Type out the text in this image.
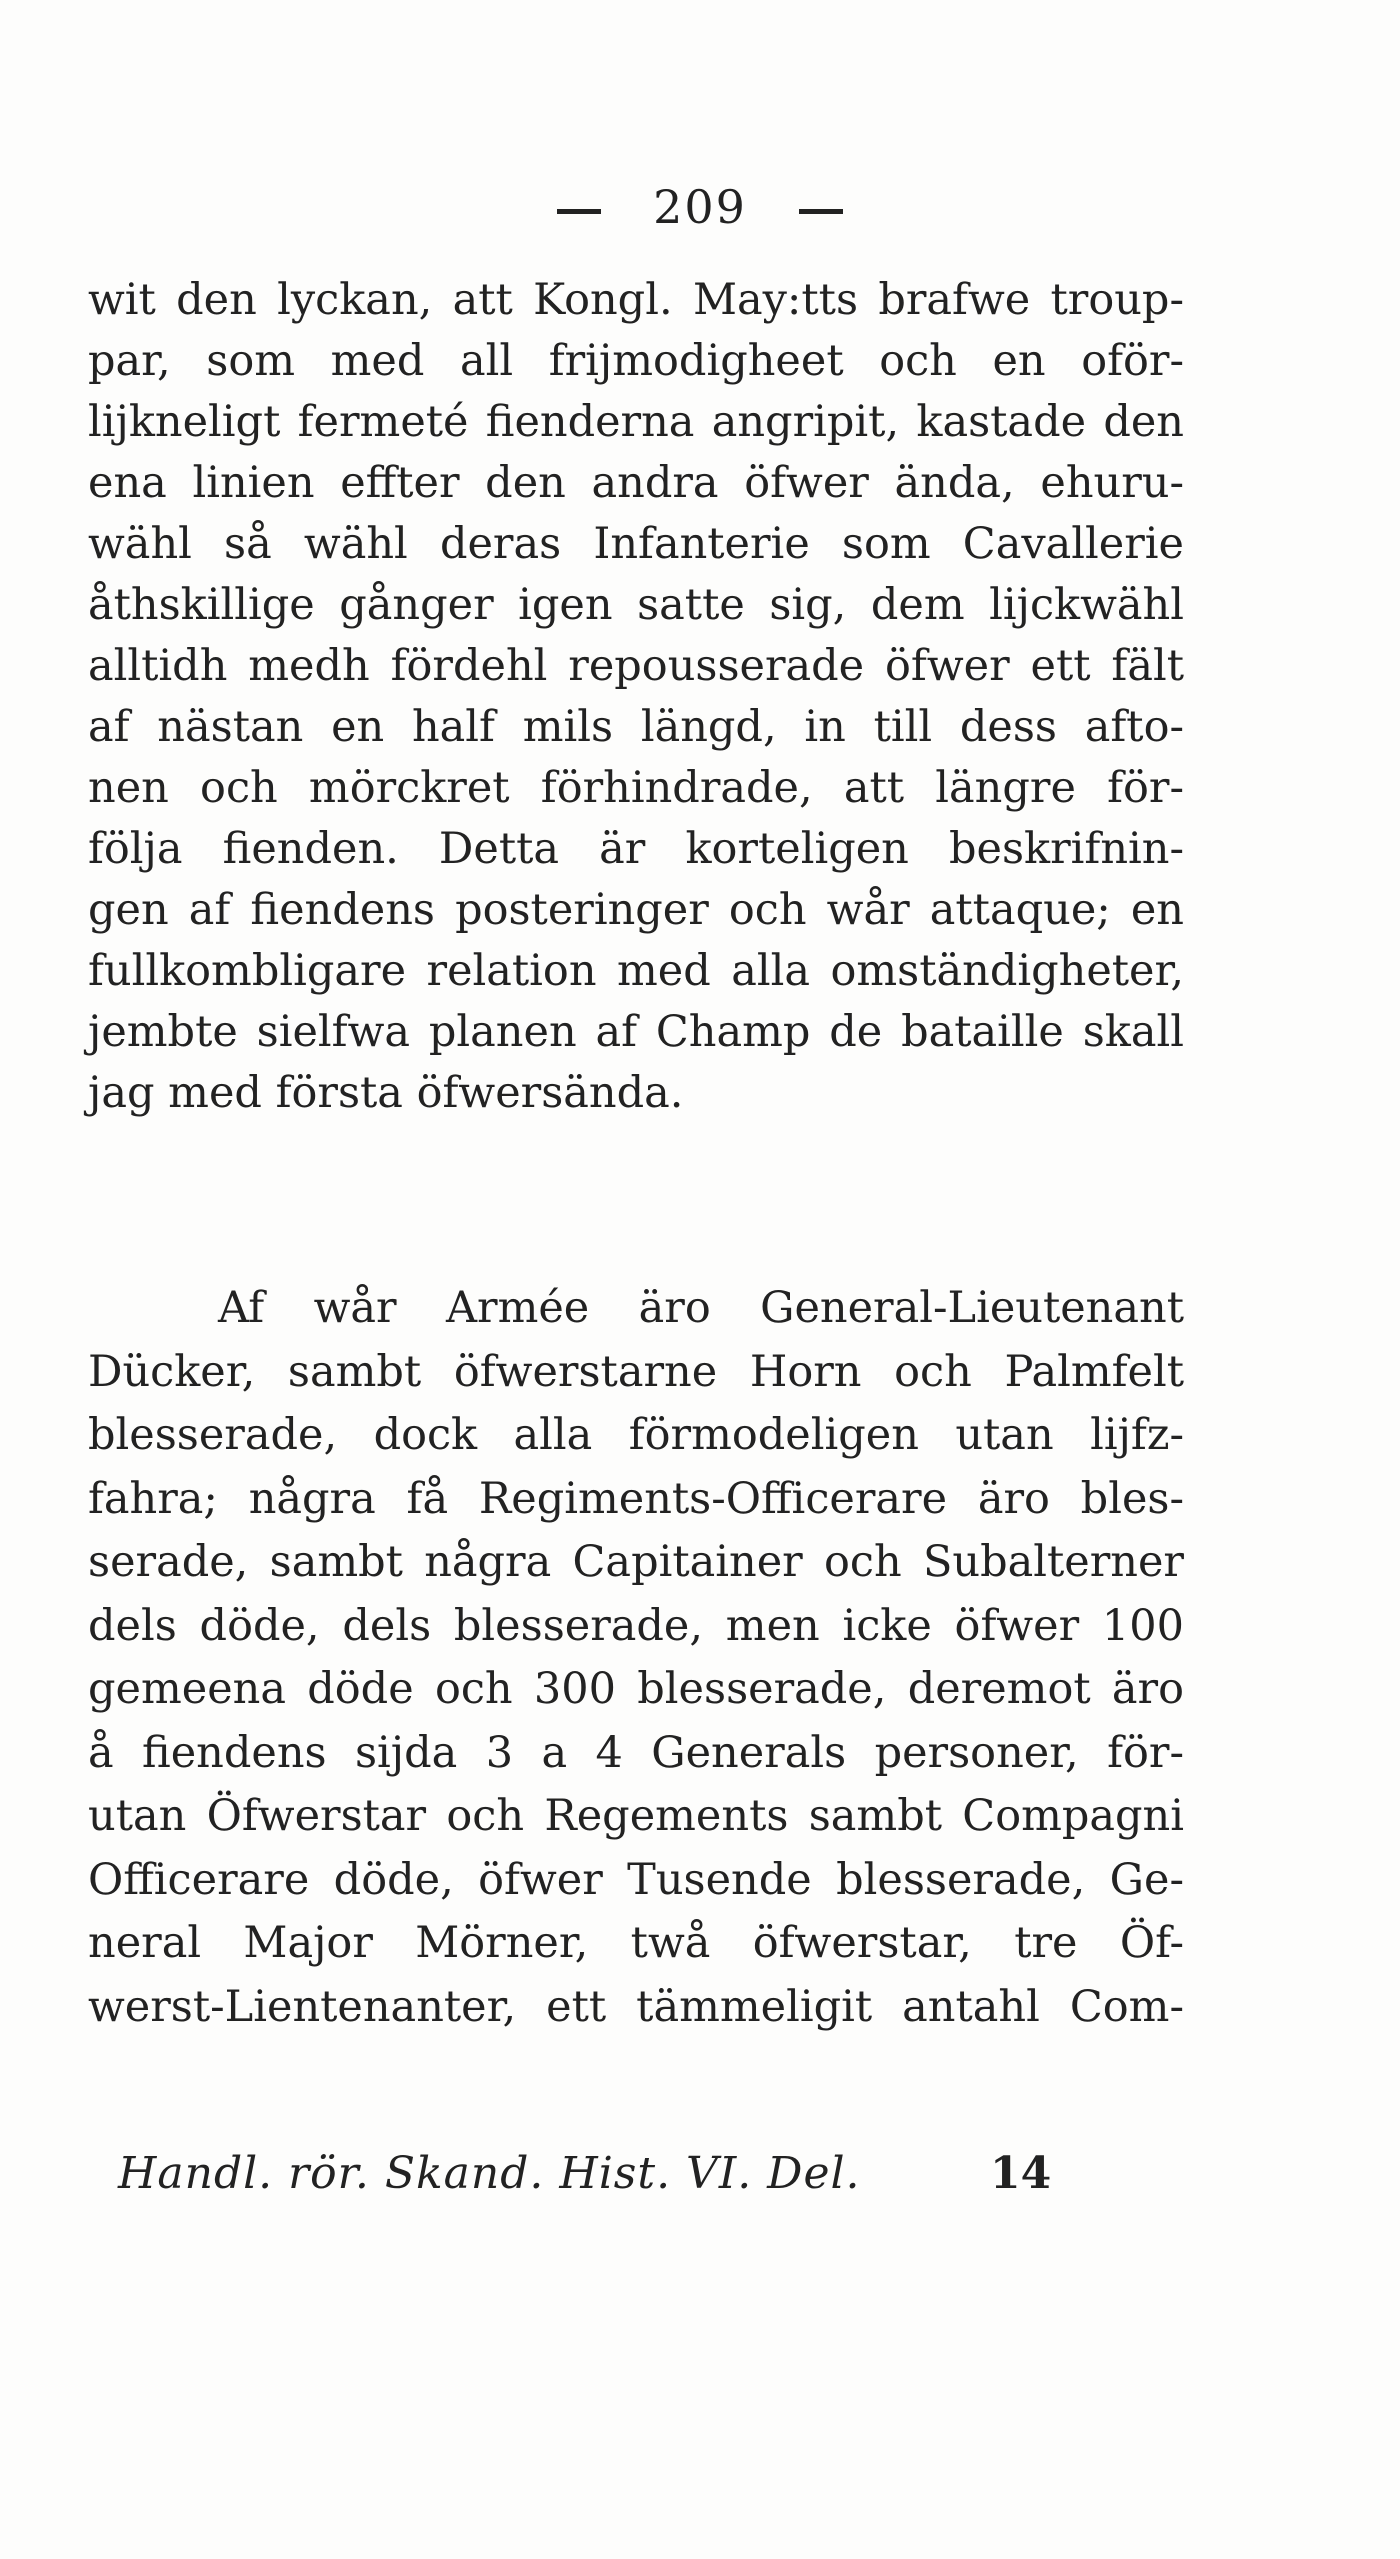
209
wit den lyckan, att Kongl. May:tts brafwe troup-
par, som med all frijmodigheet och en oför-
lijkneligt fermeté fienderna angripit, kastade den
ena linien effter den andra öfwer ända, ehuru-
wähl så wähl deras Infanterie som Cavallerie
åthskillige gånger igen satte sig, dem lijckwähl
alltidh medh fördehl repousserade öfwer ett fält
af nästan en half mils längd, in till dess afto-
nen och mörckret förhindrade, att längre för-
följa fienden. Detta är korteligen beskrifnin-
gen af fiendens posteringer och wår attaque; en
fullkombligare relation med alla omständigheter,
jembte sielfwa planen af Champ de bataille skall
jag med första öfwersända.
Af wår Armée äro General-Lieutenant
Dücker, sambt öfwerstarne Horn och Palmfelt
blesserade, dock alla förmodeligen utan lijfz-
fahra; några få Regiments-Officerare äro bles-
serade, sambt några Capitainer och Subalterner
dels döde, dels blesserade, men icke öfwer 100
gemeena döde och 300 blesserade, deremot äro
å fiendens sijda 3 a 4 Generals personer, för-
utan Öfwerstar och Regements sambt Compagni
Officerare döde, öfwer Tusende blesserade, Ge-
neral Major Mörner, twå öfwerstar, tre Öf-
werst-Lientenanter, ett tämmeligit antahl Com-
Handl. rör. Skand. Hist. VI. Del.	14
